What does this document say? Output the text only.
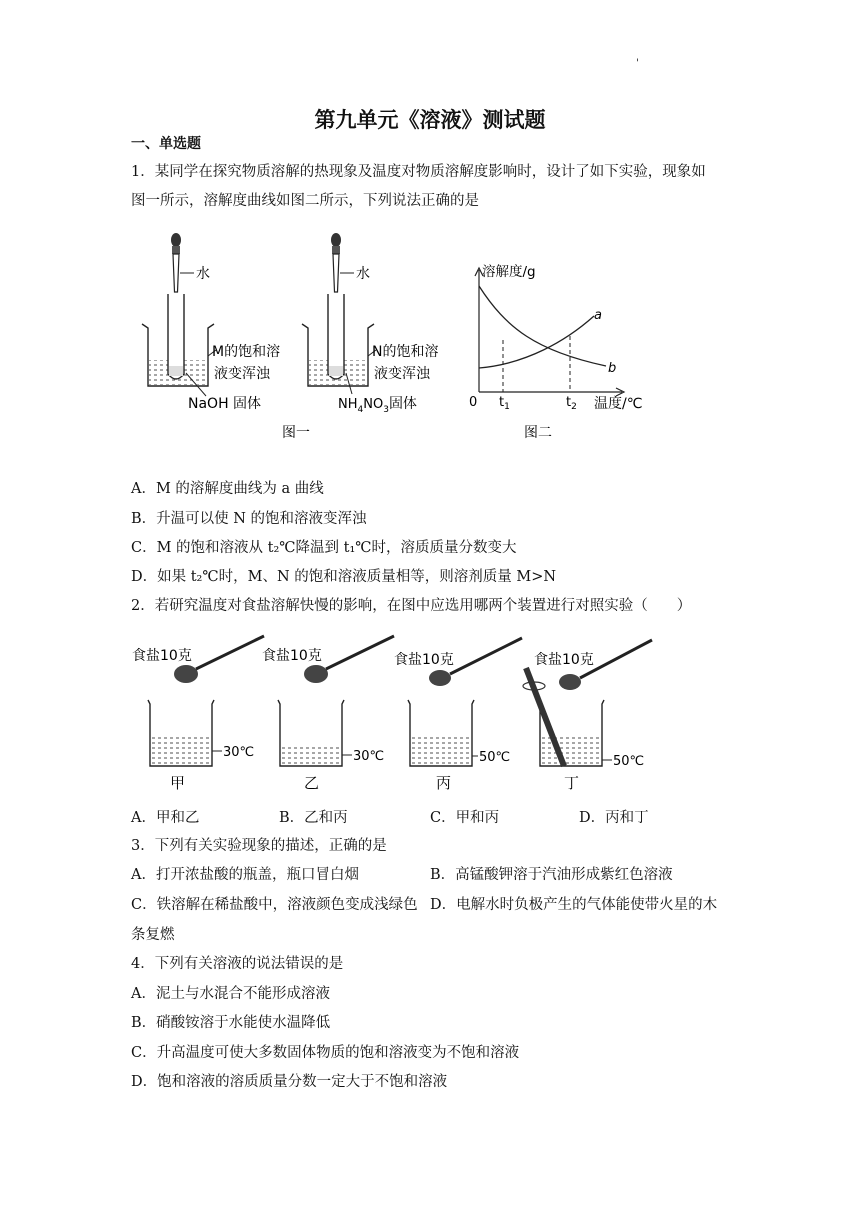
'
第九单元《溶液》测试题
一、单选题
1．某同学在探究物质溶解的热现象及温度对物质溶解度影响时，设计了如下实验，现象如
图一所示，溶解度曲线如图二所示，下列说法正确的是
水
M的饱和溶
液变浑浊
NaOH 固体
水
N的饱和溶
液变浑浊
$NH_4NO_3$固体
图一
溶解度/g
温度/℃
0 $t_1$	$t_2$
a
b
图二
A．M 的溶解度曲线为 a 曲线
B．升温可以使 N 的饱和溶液变浑浊
C．M 的饱和溶液从 t₂℃降温到 t₁℃时，溶质质量分数变大
D．如果 t₂℃时，M、N 的饱和溶液质量相等，则溶剂质量 M>N
2．若研究温度对食盐溶解快慢的影响，在图中应选用哪两个装置进行对照实验（　　）
食盐10克
30℃
甲
食盐10克
30℃
乙
食盐10克
50℃
丙
食盐10克
50℃
丁
A．甲和乙	B．乙和丙	C．甲和丙	D．丙和丁
3．下列有关实验现象的描述，正确的是
A．打开浓盐酸的瓶盖，瓶口冒白烟	B．高锰酸钾溶于汽油形成紫红色溶液
C．铁溶解在稀盐酸中，溶液颜色变成浅绿色 D．电解水时负极产生的气体能使带火星的木
条复燃
4．下列有关溶液的说法错误的是
A．泥土与水混合不能形成溶液
B．硝酸铵溶于水能使水温降低
C．升高温度可使大多数固体物质的饱和溶液变为不饱和溶液
D．饱和溶液的溶质质量分数一定大于不饱和溶液
